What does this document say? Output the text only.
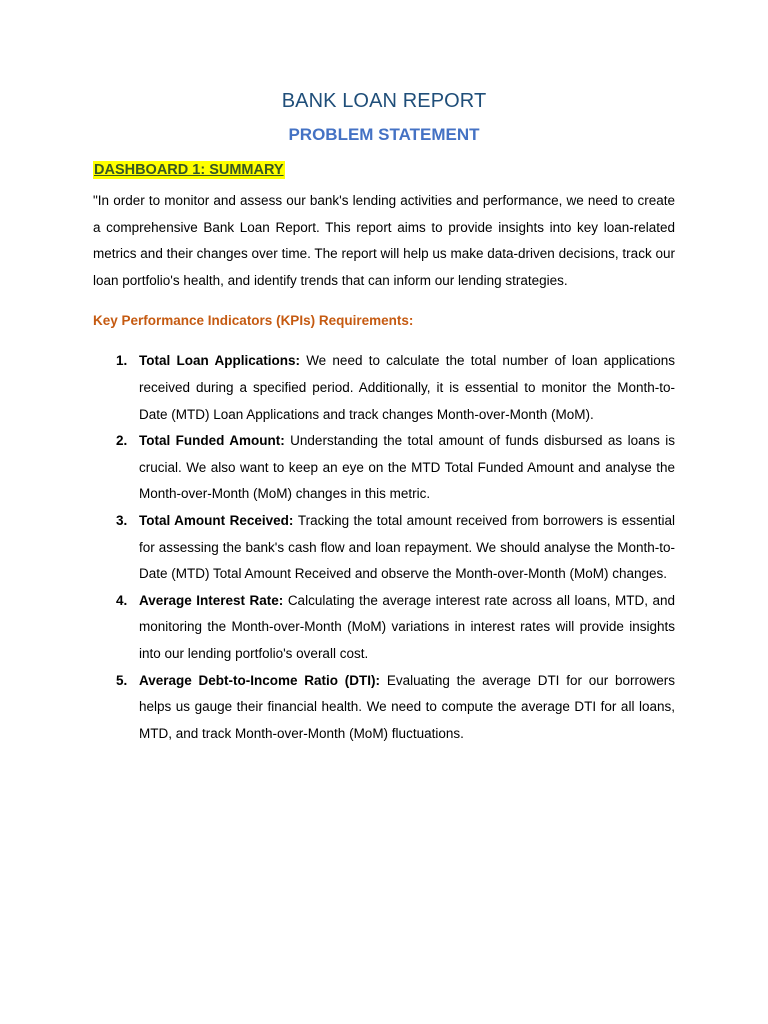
BANK LOAN REPORT
PROBLEM STATEMENT
DASHBOARD 1: SUMMARY

"In order to monitor and assess our bank's lending activities and performance, we need to create a comprehensive Bank Loan Report. This report aims to provide insights into key loan-related metrics and their changes over time. The report will help us make data-driven decisions, track our loan portfolio's health, and identify trends that can inform our lending strategies.

Key Performance Indicators (KPIs) Requirements:

1. Total Loan Applications: We need to calculate the total number of loan applications received during a specified period. Additionally, it is essential to monitor the Month-to-Date (MTD) Loan Applications and track changes Month-over-Month (MoM).
2. Total Funded Amount: Understanding the total amount of funds disbursed as loans is crucial. We also want to keep an eye on the MTD Total Funded Amount and analyse the Month-over-Month (MoM) changes in this metric.
3. Total Amount Received: Tracking the total amount received from borrowers is essential for assessing the bank's cash flow and loan repayment. We should analyse the Month-to-Date (MTD) Total Amount Received and observe the Month-over-Month (MoM) changes.
4. Average Interest Rate: Calculating the average interest rate across all loans, MTD, and monitoring the Month-over-Month (MoM) variations in interest rates will provide insights into our lending portfolio's overall cost.
5. Average Debt-to-Income Ratio (DTI): Evaluating the average DTI for our borrowers helps us gauge their financial health. We need to compute the average DTI for all loans, MTD, and track Month-over-Month (MoM) fluctuations.
